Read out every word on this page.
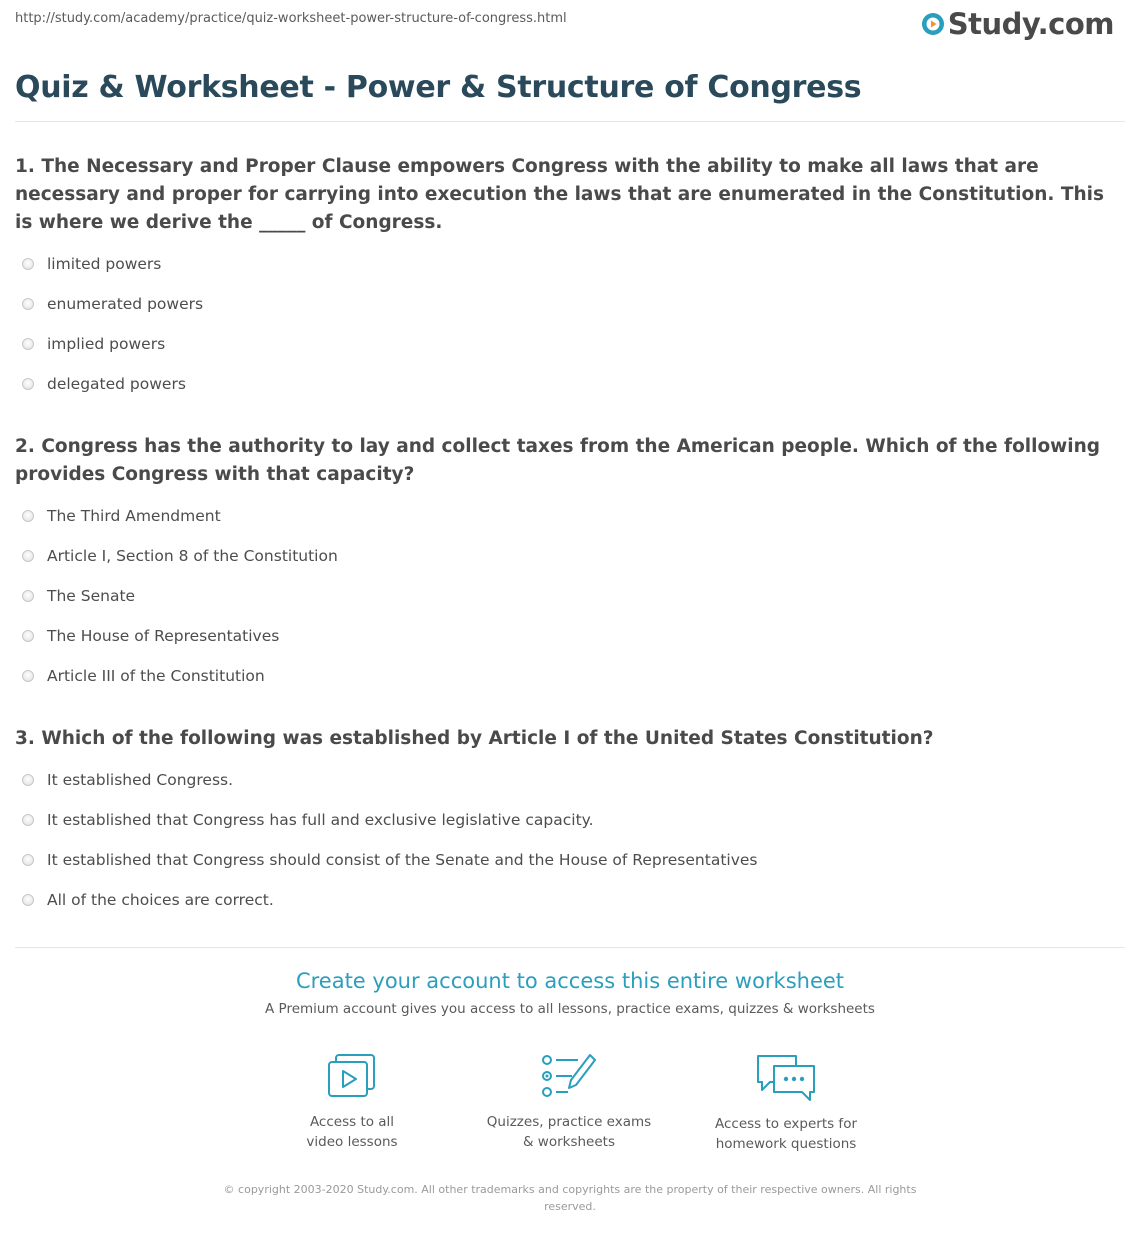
http://study.com/academy/practice/quiz-worksheet-power-structure-of-congress.html	Study.com
Quiz & Worksheet - Power & Structure of Congress
1. The Necessary and Proper Clause empowers Congress with the ability to make all laws that are necessary and proper for carrying into execution the laws that are enumerated in the Constitution. This is where we derive the _____ of Congress.
limited powers
enumerated powers
implied powers
delegated powers
2. Congress has the authority to lay and collect taxes from the American people. Which of the following provides Congress with that capacity?
The Third Amendment
Article I, Section 8 of the Constitution
The Senate
The House of Representatives
Article III of the Constitution
3. Which of the following was established by Article I of the United States Constitution?
It established Congress.
It established that Congress has full and exclusive legislative capacity.
It established that Congress should consist of the Senate and the House of Representatives
All of the choices are correct.
Create your account to access this entire worksheet
A Premium account gives you access to all lessons, practice exams, quizzes & worksheets
Access to all
video lessons
Quizzes, practice exams
& worksheets
Access to experts for
homework questions
© copyright 2003-2020 Study.com. All other trademarks and copyrights are the property of their respective owners. All rights reserved.
